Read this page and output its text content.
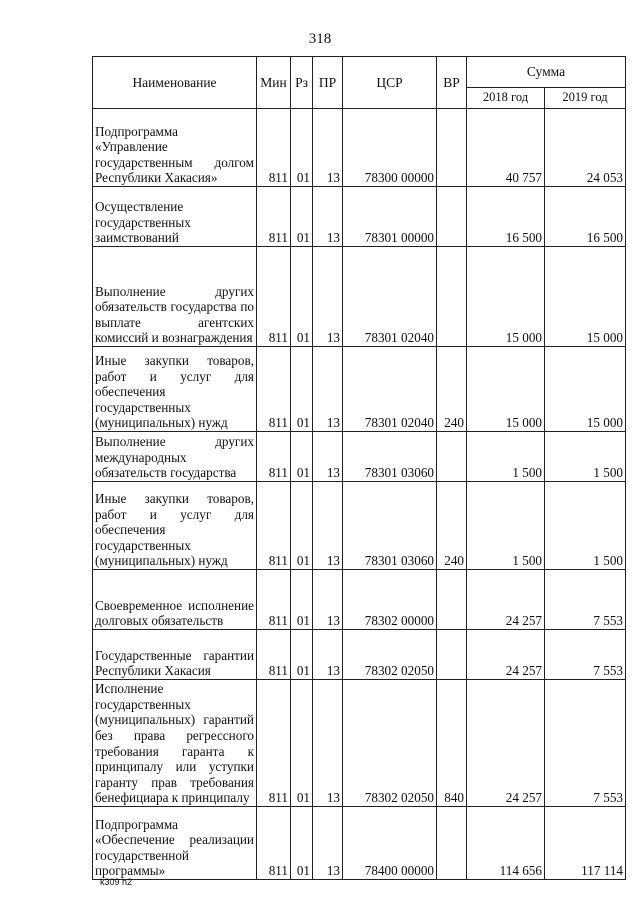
318
Наименование	Мин	Рз	ПР	ЦСР	ВР	Сумма	
						2018 год	2019 год
Подпрограмма «Управление государственным долгом Республики Хакасия»	811	01	13	78300 00000		40 757	24 053
Осуществление государственных заимствований	811	01	13	78301 00000		16 500	16 500
Выполнение других обязательств государства по выплате агентских комиссий и вознаграждения	811	01	13	78301 02040		15 000	15 000
Иные закупки товаров, работ и услуг для обеспечения государственных (муниципальных) нужд	811	01	13	78301 02040	240	15 000	15 000
Выполнение других международных обязательств государства	811	01	13	78301 03060		1 500	1 500
Иные закупки товаров, работ и услуг для обеспечения государственных (муниципальных) нужд	811	01	13	78301 03060	240	1 500	1 500
Своевременное исполнение долговых обязательств	811	01	13	78302 00000		24 257	7 553
Государственные гарантии Республики Хакасия	811	01	13	78302 02050		24 257	7 553
Исполнение государственных (муниципальных) гарантий без права регрессного требования гаранта к принципалу или уступки гаранту прав требования бенефициара к принципалу	811	01	13	78302 02050	840	24 257	7 553
Подпрограмма «Обеспечение реализации государственной программы»	811	01	13	78400 00000		114 656	117 114
k309 h2
